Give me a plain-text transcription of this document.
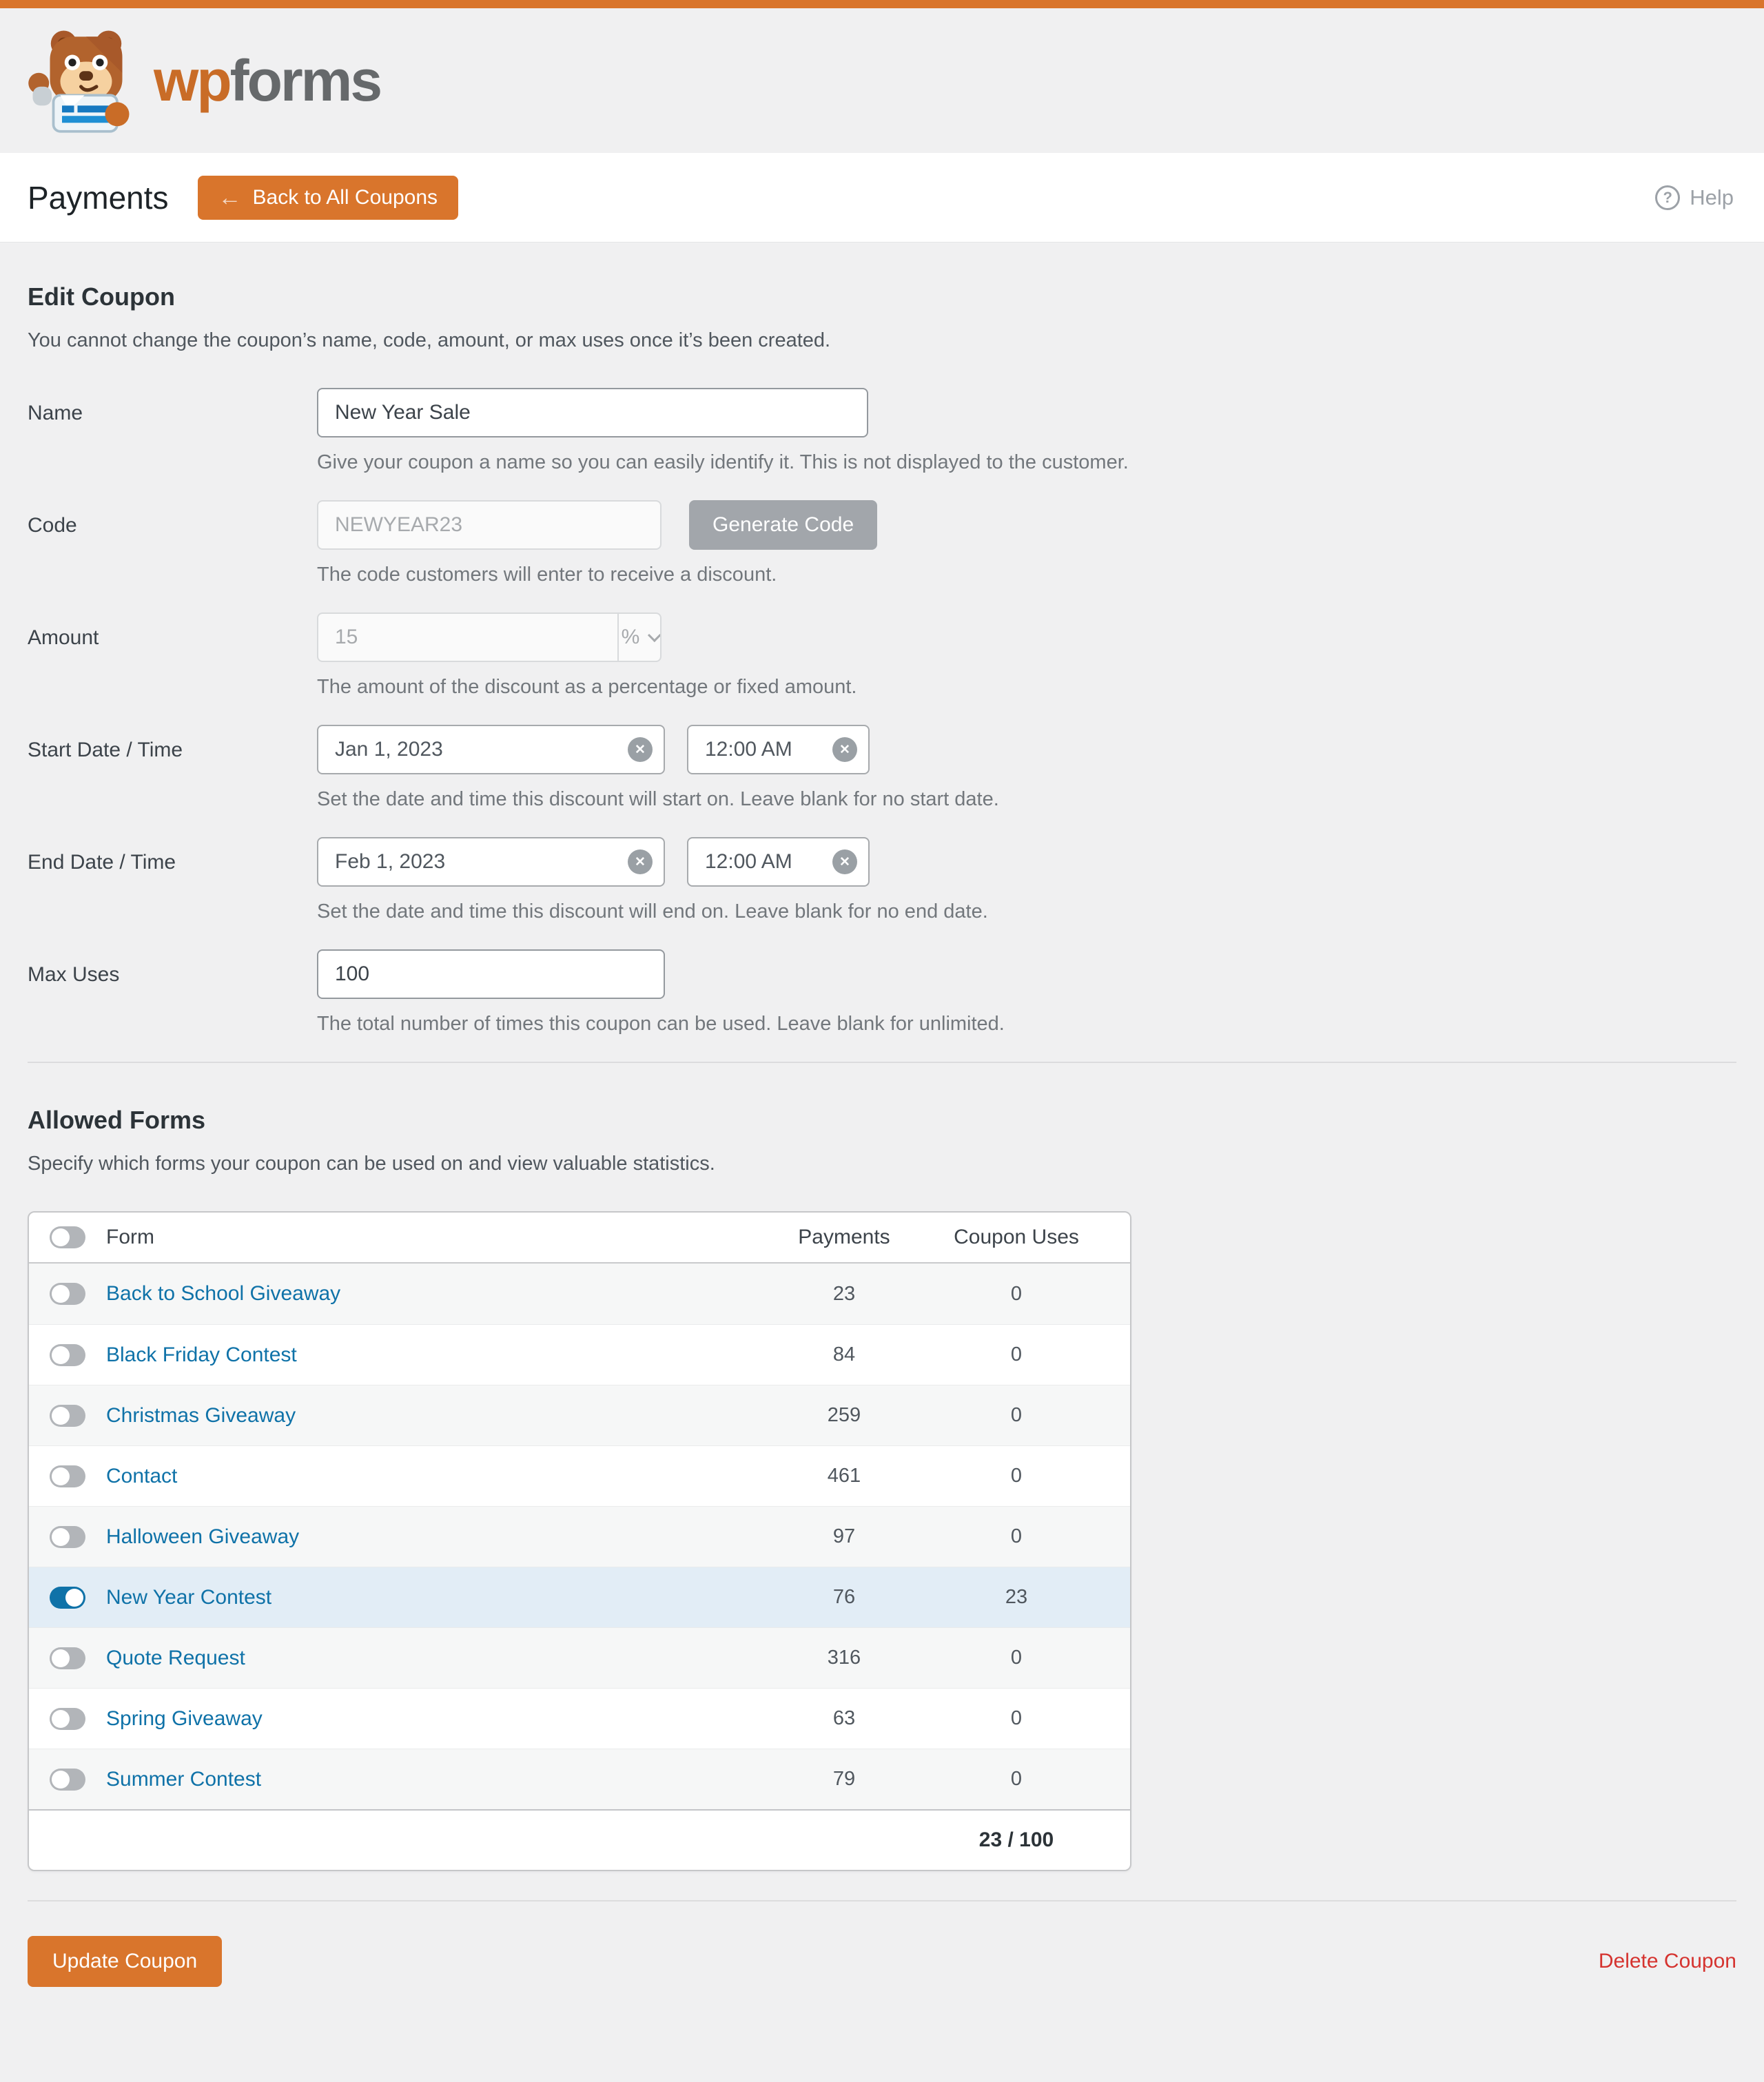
wpforms
Payments ← Back to All Coupons	? Help
Edit Coupon
You cannot change the coupon’s name, code, amount, or max uses once it’s been created.
Name
New Year Sale
Give your coupon a name so you can easily identify it. This is not displayed to the customer.
Code
NEWYEAR23	Generate Code
The code customers will enter to receive a discount.
Amount
15	%
The amount of the discount as a percentage or fixed amount.
Start Date / Time
Jan 1, 2023	✕
12:00 AM	✕
Set the date and time this discount will start on. Leave blank for no start date.
End Date / Time
Feb 1, 2023	✕
12:00 AM	✕
Set the date and time this discount will end on. Leave blank for no end date.
Max Uses
100
The total number of times this coupon can be used. Leave blank for unlimited.
Allowed Forms
Specify which forms your coupon can be used on and view valuable statistics.
Form	Payments	Coupon Uses
Back to School Giveaway	23	0
Black Friday Contest	84	0
Christmas Giveaway	259	0
Contact	461	0
Halloween Giveaway	97	0
New Year Contest	76	23
Quote Request	316	0
Spring Giveaway	63	0
Summer Contest	79	0
23 / 100
Update Coupon	Delete Coupon
